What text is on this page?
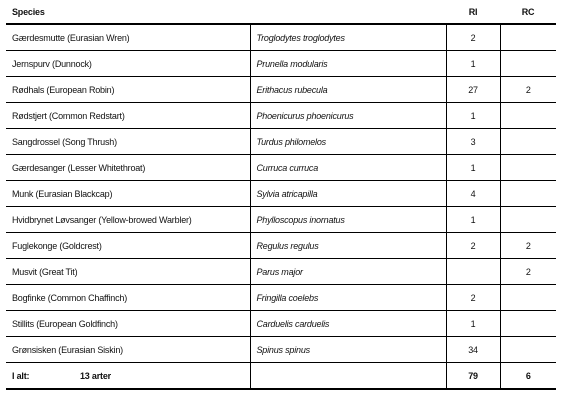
Species		RI	RC
Gærdesmutte (Eurasian Wren)	Troglodytes troglodytes	2	
Jernspurv (Dunnock)	Prunella modularis	1	
Rødhals (European Robin)	Erithacus rubecula	27	2
Rødstjert (Common Redstart)	Phoenicurus phoenicurus	1	
Sangdrossel (Song Thrush)	Turdus philomelos	3	
Gærdesanger (Lesser Whitethroat)	Curruca curruca	1	
Munk (Eurasian Blackcap)	Sylvia atricapilla	4	
Hvidbrynet Løvsanger (Yellow-browed Warbler)	Phylloscopus inornatus	1	
Fuglekonge (Goldcrest)	Regulus regulus	2	2
Musvit (Great Tit)	Parus major		2
Bogfinke (Common Chaffinch)	Fringilla coelebs	2	
Stillits (European Goldfinch)	Carduelis carduelis	1	
Grønsisken (Eurasian Siskin)	Spinus spinus	34	
I alt: 13 arter		79	6
